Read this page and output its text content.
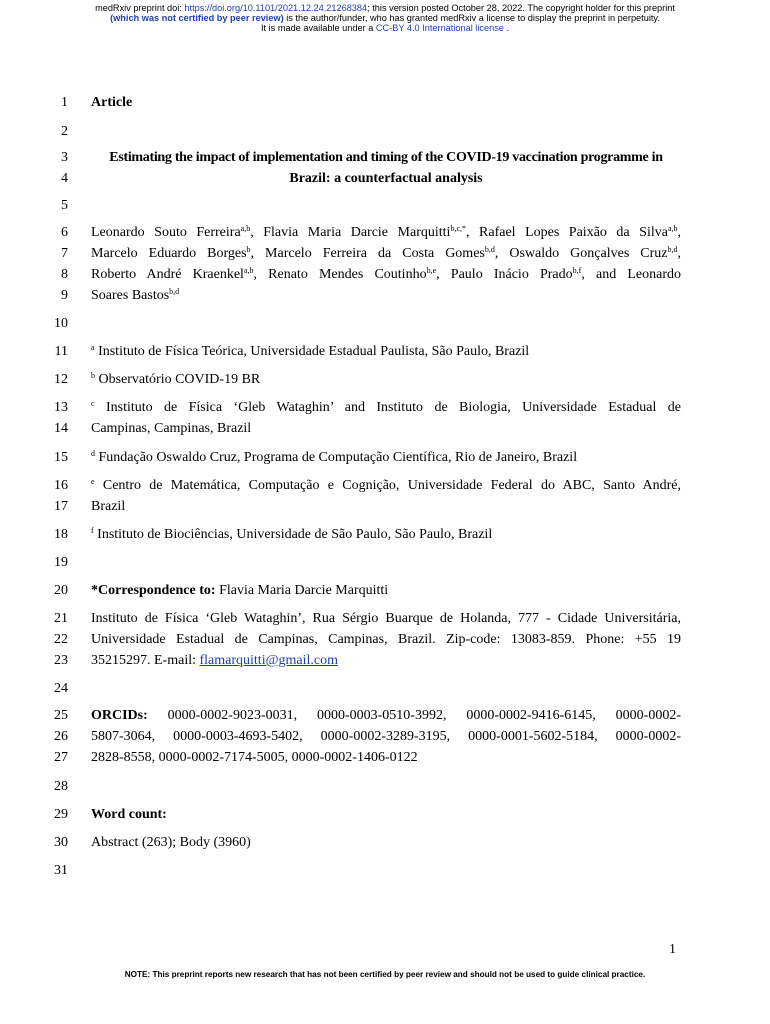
medRxiv preprint doi: https://doi.org/10.1101/2021.12.24.21268384; this version posted October 28, 2022. The copyright holder for this preprint
(which was not certified by peer review) is the author/funder, who has granted medRxiv a license to display the preprint in perpetuity.
It is made available under a CC-BY 4.0 International license .
1
2
3
4
5
6
7
8
9
10
11
12
13
14
15
16
17
18
19
20
21
22
23
24
25
26
27
28
29
30
31
Article
Estimating the impact of implementation and timing of the COVID-19 vaccination programme in
Brazil: a counterfactual analysis
Leonardo Souto Ferreira$^{a,b}$, Flavia Maria Darcie Marquitti$^{b,c,*}$, Rafael Lopes Paixão da Silva$^{a,b}$,
Marcelo Eduardo Borges$^b$, Marcelo Ferreira da Costa Gomes$^{b,d}$, Oswaldo Gonçalves Cruz$^{b,d}$,
Roberto André Kraenkel$^{a,b}$, Renato Mendes Coutinho$^{b,e}$, Paulo Inácio Prado$^{b,f}$, and Leonardo
Soares Bastos$^{b,d}$
$^a$ Instituto de Física Teórica, Universidade Estadual Paulista, São Paulo, Brazil
$^b$ Observatório COVID-19 BR
$^c$ Instituto de Física ‘Gleb Wataghin’ and Instituto de Biologia, Universidade Estadual de
Campinas, Campinas, Brazil
$^d$ Fundação Oswaldo Cruz, Programa de Computação Científica, Rio de Janeiro, Brazil
$^e$ Centro de Matemática, Computação e Cognição, Universidade Federal do ABC, Santo André,
Brazil
$^f$ Instituto de Biociências, Universidade de São Paulo, São Paulo, Brazil
*Correspondence to: Flavia Maria Darcie Marquitti
Instituto de Física ‘Gleb Wataghin’, Rua Sérgio Buarque de Holanda, 777 - Cidade Universitária,
Universidade Estadual de Campinas, Campinas, Brazil. Zip-code: 13083-859. Phone: +55 19
35215297. E-mail: flamarquitti@gmail.com
ORCIDs: 0000-0002-9023-0031, 0000-0003-0510-3992, 0000-0002-9416-6145, 0000-0002-
5807-3064, 0000-0003-4693-5402, 0000-0002-3289-3195, 0000-0001-5602-5184, 0000-0002-
2828-8558, 0000-0002-7174-5005, 0000-0002-1406-0122
Word count:
Abstract (263); Body (3960)
1
NOTE: This preprint reports new research that has not been certified by peer review and should not be used to guide clinical practice.
